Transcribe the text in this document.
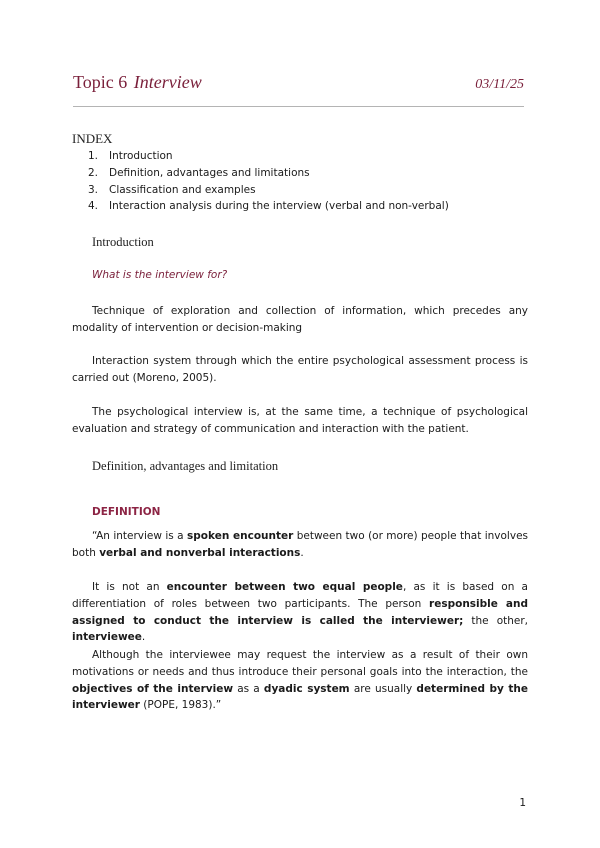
Topic 6 Interview	03/11/25
INDEX
1.	Introduction
2.	Definition, advantages and limitations
3.	Classification and examples
4.	Interaction analysis during the interview (verbal and non-verbal)
Introduction
What is the interview for?

Technique of exploration and collection of information, which precedes any modality of intervention or decision-making

Interaction system through which the entire psychological assessment process is carried out (Moreno, 2005).

The psychological interview is, at the same time, a technique of psychological evaluation and strategy of communication and interaction with the patient.

Definition, advantages and limitation
DEFINITION

“An interview is a spoken encounter between two (or more) people that involves both verbal and nonverbal interactions.

It is not an encounter between two equal people, as it is based on a differentiation of roles between two participants. The person responsible and assigned to conduct the interview is called the interviewer; the other, interviewee.

Although the interviewee may request the interview as a result of their own motivations or needs and thus introduce their personal goals into the interaction, the objectives of the interview as a dyadic system are usually determined by the interviewer (POPE, 1983).”

1
